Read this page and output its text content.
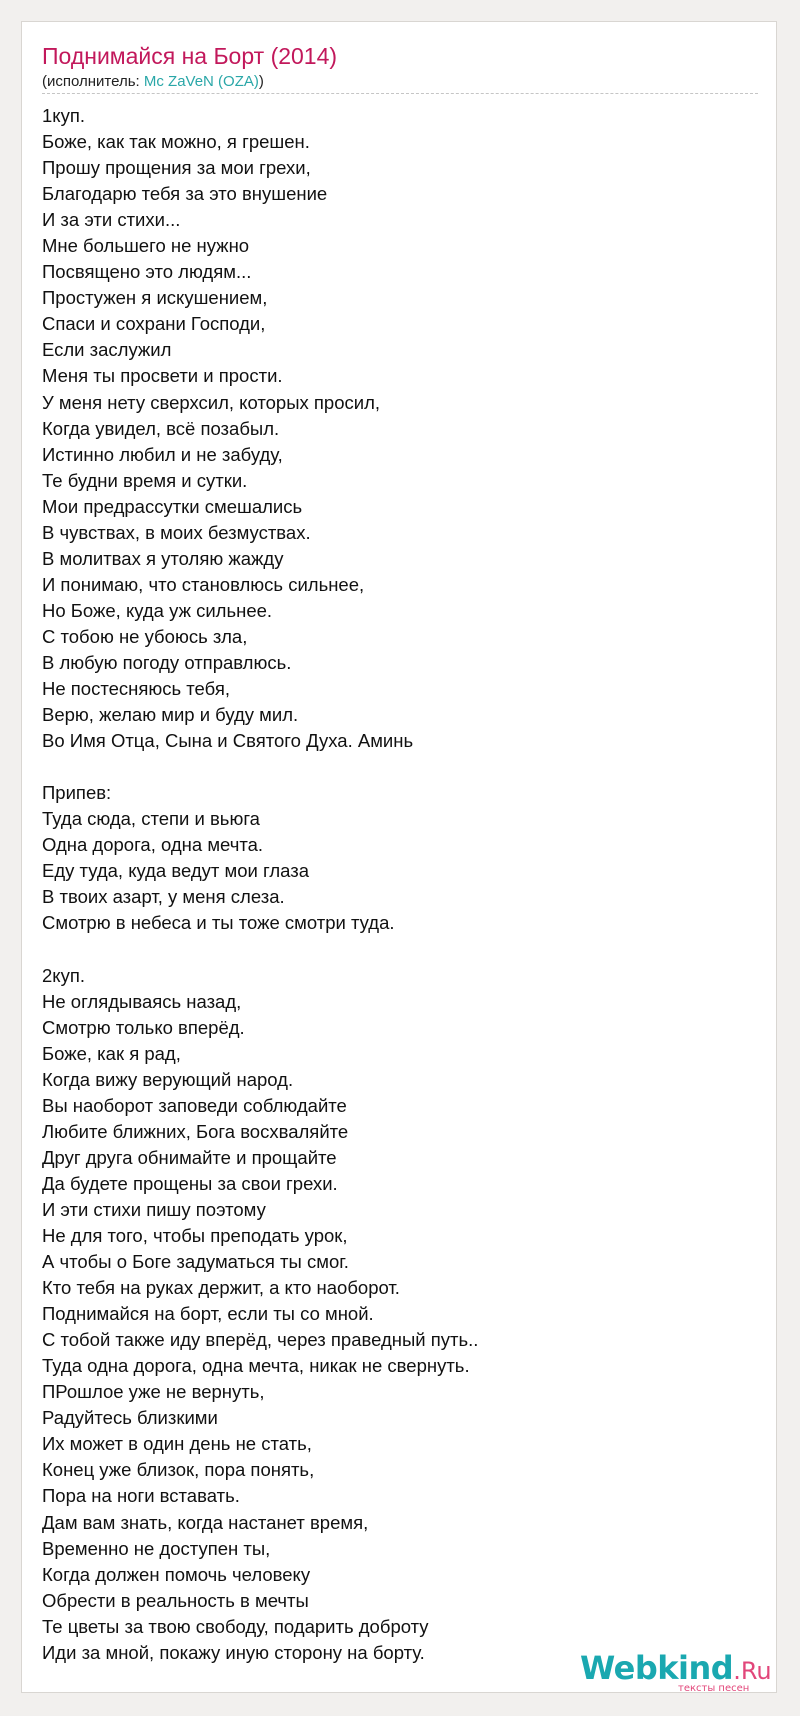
Поднимайся на Борт (2014)
(исполнитель: Mc ZaVeN (OZA))
1куп.
Боже, как так можно, я грешен.
Прошу прощения за мои грехи,
Благодарю тебя за это внушение
И за эти стихи...
Мне большего не нужно
Посвящено это людям...
Простужен я искушением,
Спаси и сохрани Господи,
Если заслужил
Меня ты просвети и прости.
У меня нету сверхсил, которых просил,
Когда увидел, всё позабыл.
Истинно любил и не забуду,
Те будни время и сутки.
Мои предрассутки смешались
В чувствах, в моих безмуствах.
В молитвах я утоляю жажду
И понимаю, что становлюсь сильнее,
Но Боже, куда уж сильнее.
С тобою не убоюсь зла,
В любую погоду отправлюсь.
Не постесняюсь тебя,
Верю, желаю мир и буду мил.
Во Имя Отца, Сына и Святого Духа. Аминь
Припев:
Туда сюда, степи и вьюга
Одна дорога, одна мечта.
Еду туда, куда ведут мои глаза
В твоих азарт, у меня слеза.
Смотрю в небеса и ты тоже смотри туда.
2куп.
Не оглядываясь назад,
Смотрю только вперёд.
Боже, как я рад,
Когда вижу верующий народ.
Вы наоборот заповеди соблюдайте
Любите ближних, Бога восхваляйте
Друг друга обнимайте и прощайте
Да будете прощены за свои грехи.
И эти стихи пишу поэтому
Не для того, чтобы преподать урок,
А чтобы о Боге задуматься ты смог.
Кто тебя на руках держит, а кто наоборот.
Поднимайся на борт, если ты со мной.
С тобой также иду вперёд, через праведный путь..
Туда одна дорога, одна мечта, никак не свернуть.
ПРошлое уже не вернуть,
Радуйтесь близкими
Их может в один день не стать,
Конец уже близок, пора понять,
Пора на ноги вставать.
Дам вам знать, когда настанет время,
Временно не доступен ты,
Когда должен помочь человеку
Обрести в реальность в мечты
Те цветы за твою свободу, подарить доброту
Иди за мной, покажу иную сторону на борту.	Webkind.Ru
тексты песен
